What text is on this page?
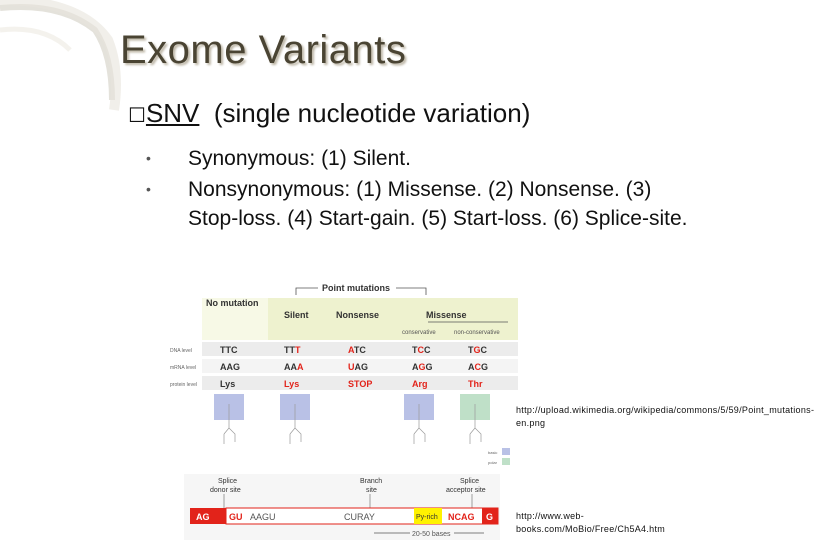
Exome Variants
☐SNV (single nucleotide variation)
• Synonymous: (1) Silent.
• Nonsynonymous: (1) Missense. (2) Nonsense. (3) Stop-loss. (4) Start-gain. (5) Start-loss. (6) Splice-site.
No mutation
Point mutations
Silent	Nonsense	Missense
conservative	non-conservative
DNA level
mRNA level
protein level
TTC	TTT	ATC	TCC	TGC
AAG	AAA	UAG	AGG	ACG
Lys	Lys	STOP	Arg	Thr
basic
polar
http://upload.wikimedia.org/wikipedia/commons/5/59/Point_mutations-en.png
Splice
donor site
Branch
site
Splice
acceptor site
AG GU AAGU	CURAY	Py-rich NCAG G
20-50 bases
http://www.web-books.com/MoBio/Free/Ch5A4.htm
